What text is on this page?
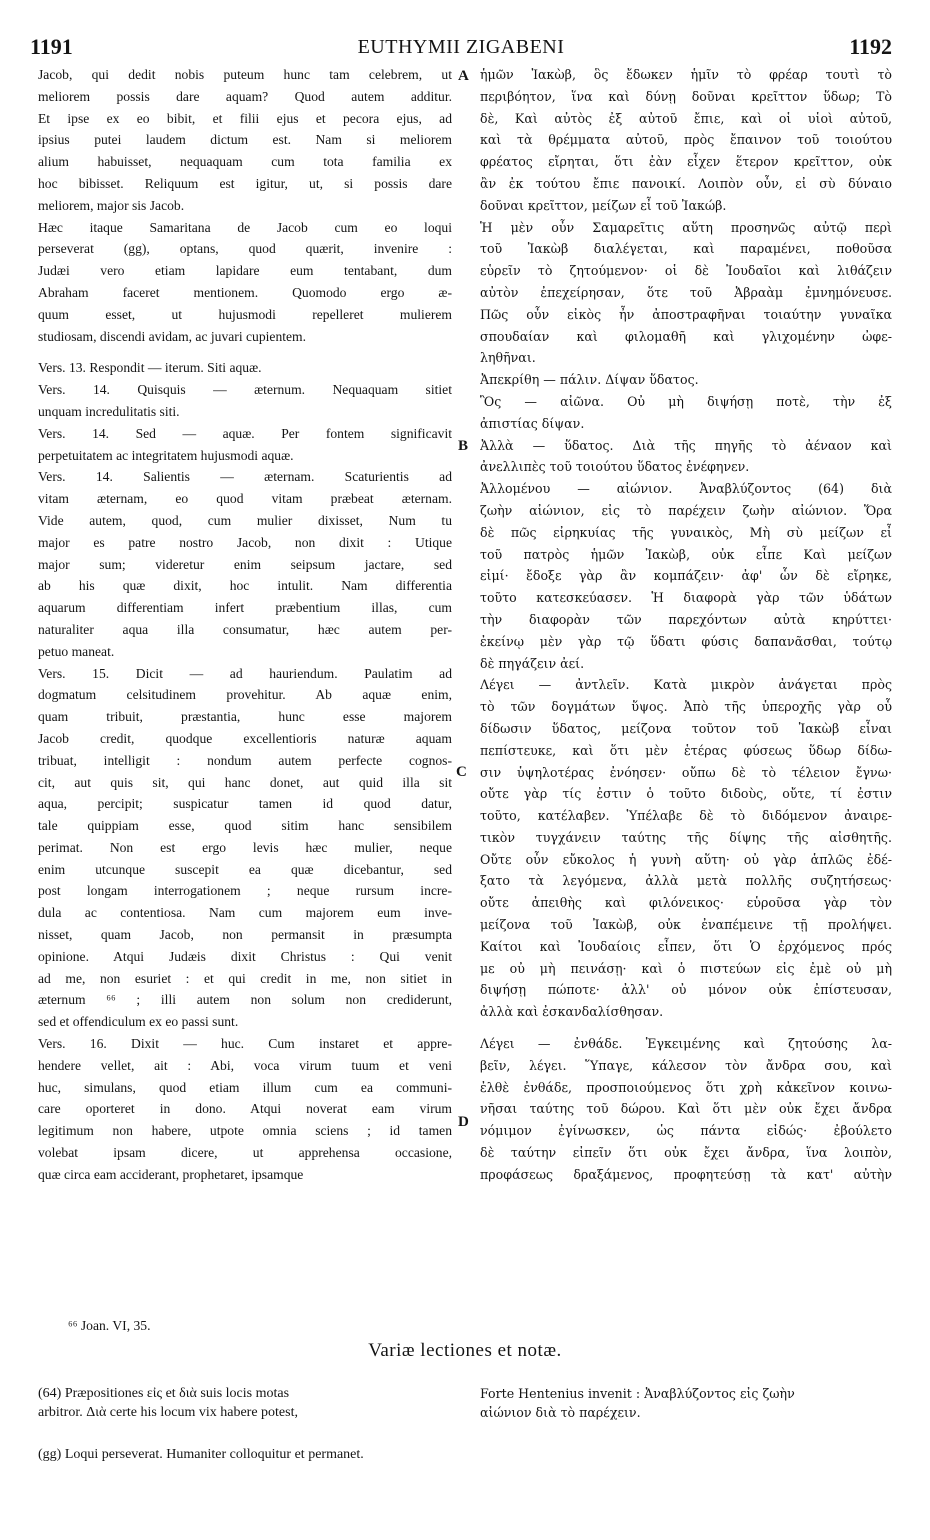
1191	EUTHYMII ZIGABENI	1192
Jacob, qui dedit nobis puteum hunc tam celebrem, ut
meliorem possis dare aquam? Quod autem additur.
Et ipse ex eo bibit, et filii ejus et pecora ejus, ad
ipsius putei laudem dictum est. Nam si meliorem
alium habuisset, nequaquam cum tota familia ex
hoc bibisset. Reliquum est igitur, ut, si possis dare
meliorem, major sis Jacob.
Hæc itaque Samaritana de Jacob cum eo loqui
perseverat (gg), optans, quod quærit, invenire :
Judæi vero etiam lapidare eum tentabant, dum
Abraham faceret mentionem. Quomodo ergo æ-
quum esset, ut hujusmodi repelleret mulierem
studiosam, discendi avidam, ac juvari cupientem.
Vers. 13. Respondit — iterum. Siti aquæ.
Vers. 14. Quisquis — æternum. Nequaquam sitiet
unquam incredulitatis siti.
Vers. 14. Sed — aquæ. Per fontem significavit
perpetuitatem ac integritatem hujusmodi aquæ.
Vers. 14. Salientis — æternam. Scaturientis ad
vitam æternam, eo quod vitam præbeat æternam.
Vide autem, quod, cum mulier dixisset, Num tu
major es patre nostro Jacob, non dixit : Utique
major sum; videretur enim seipsum jactare, sed
ab his quæ dixit, hoc intulit. Nam differentia
aquarum differentiam infert præbentium illas, cum
naturaliter aqua illa consumatur, hæc autem per-
petuo maneat.
Vers. 15. Dicit — ad hauriendum. Paulatim ad
dogmatum celsitudinem provehitur. Ab aquæ enim,
quam tribuit, præstantia, hunc esse majorem
Jacob credit, quodque excellentioris naturæ aquam
tribuat, intelligit : nondum autem perfecte cognos-
cit, aut quis sit, qui hanc donet, aut quid illa sit
aqua, percipit; suspicatur tamen id quod datur,
tale quippiam esse, quod sitim hanc sensibilem
perimat. Non est ergo levis hæc mulier, neque
enim utcunque suscepit ea quæ dicebantur, sed
post longam interrogationem ; neque rursum incre-
dula ac contentiosa. Nam cum majorem eum inve-
nisset, quam Jacob, non permansit in præsumpta
opinione. Atqui Judæis dixit Christus : Qui venit
ad me, non esuriet : et qui credit in me, non sitiet in
æternum ⁶⁶ ; illi autem non solum non crediderunt,
sed et offendiculum ex eo passi sunt.
Vers. 16. Dixit — huc. Cum instaret et appre-
hendere vellet, ait : Abi, voca virum tuum et veni
huc, simulans, quod etiam illum cum ea communi-
care oporteret in dono. Atqui noverat eam virum
legitimum non habere, utpote omnia sciens ; id tamen
volebat ipsam dicere, ut apprehensa occasione,
quæ circa eam acciderant, prophetaret, ipsamque
ἡμῶν Ἰακὼβ, ὃς ἔδωκεν ἡμῖν τὸ φρέαρ τουτὶ τὸ
περιβόητον, ἵνα καὶ δύνῃ δοῦναι κρεῖττον ὕδωρ; Τὸ
δὲ, Καὶ αὐτὸς ἐξ αὐτοῦ ἔπιε, καὶ οἱ υἱοὶ αὐτοῦ,
καὶ τὰ θρέμματα αὐτοῦ, πρὸς ἔπαινον τοῦ τοιούτου
φρέατος εἴρηται, ὅτι ἐὰν εἶχεν ἕτερον κρεῖττον, οὐκ
ἂν ἐκ τούτου ἔπιε πανοικί. Λοιπὸν οὖν, εἰ σὺ δύναιο
δοῦναι κρεῖττον, μείζων εἶ τοῦ Ἰακώβ.
Ἡ μὲν οὖν Σαμαρεῖτις αὕτη προσηνῶς αὐτῷ περὶ
τοῦ Ἰακὼβ διαλέγεται, καὶ παραμένει, ποθοῦσα
εὑρεῖν τὸ ζητούμενον· οἱ δὲ Ἰουδαῖοι καὶ λιθάζειν
αὐτὸν ἐπεχείρησαν, ὅτε τοῦ Ἀβραὰμ ἐμνημόνευσε.
Πῶς οὖν εἰκὸς ἦν ἀποστραφῆναι τοιαύτην γυναῖκα
σπουδαίαν καὶ φιλομαθῆ καὶ γλιχομένην ὠφε-
ληθῆναι.
Ἀπεκρίθη — πάλιν. Δίψαν ὕδατος.
Ὃς — αἰῶνα. Οὐ μὴ διψήσῃ ποτὲ, τὴν ἐξ
ἀπιστίας δίψαν.
Ἀλλὰ — ὕδατος. Διὰ τῆς πηγῆς τὸ ἀέναον καὶ
ἀνελλιπὲς τοῦ τοιούτου ὕδατος ἐνέφηνεν.
Ἀλλομένου — αἰώνιον. Ἀναβλύζοντος (64) διὰ
ζωὴν αἰώνιον, εἰς τὸ παρέχειν ζωὴν αἰώνιον. Ὅρα
δὲ πῶς εἰρηκυίας τῆς γυναικὸς, Μὴ σὺ μείζων εἶ
τοῦ πατρὸς ἡμῶν Ἰακὼβ, οὐκ εἶπε Καὶ μείζων
εἰμί· ἔδοξε γὰρ ἂν κομπάζειν· ἀφ' ὧν δὲ εἴρηκε,
τοῦτο κατεσκεύασεν. Ἡ διαφορὰ γὰρ τῶν ὑδάτων
τὴν διαφορὰν τῶν παρεχόντων αὐτὰ κηρύττει·
ἐκείνῳ μὲν γὰρ τῷ ὕδατι φύσις δαπανᾶσθαι, τούτῳ
δὲ πηγάζειν ἀεί.
Λέγει — ἀντλεῖν. Κατὰ μικρὸν ἀνάγεται πρὸς
τὸ τῶν δογμάτων ὕψος. Ἀπὸ τῆς ὑπεροχῆς γὰρ οὗ
δίδωσιν ὕδατος, μείζονα τοῦτον τοῦ Ἰακὼβ εἶναι
πεπίστευκε, καὶ ὅτι μὲν ἑτέρας φύσεως ὕδωρ δίδω-
σιν ὑψηλοτέρας ἐνόησεν· οὔπω δὲ τὸ τέλειον ἔγνω·
οὔτε γὰρ τίς ἐστιν ὁ τοῦτο διδοὺς, οὔτε, τί ἐστιν
τοῦτο, κατέλαβεν. Ὑπέλαβε δὲ τὸ διδόμενον ἀναιρε-
τικὸν τυγχάνειν ταύτης τῆς δίψης τῆς αἰσθητῆς.
Οὔτε οὖν εὔκολος ἡ γυνὴ αὕτη· οὐ γὰρ ἁπλῶς ἐδέ-
ξατο τὰ λεγόμενα, ἀλλὰ μετὰ πολλῆς συζητήσεως·
οὔτε ἀπειθὴς καὶ φιλόνεικος· εὑροῦσα γὰρ τὸν
μείζονα τοῦ Ἰακὼβ, οὐκ ἐναπέμεινε τῇ προλήψει.
Καίτοι καὶ Ἰουδαίοις εἶπεν, ὅτι Ὁ ἐρχόμενος πρός
με οὐ μὴ πεινάσῃ· καὶ ὁ πιστεύων εἰς ἐμὲ οὐ μὴ
διψήσῃ πώποτε· ἀλλ' οὐ μόνον οὐκ ἐπίστευσαν,
ἀλλὰ καὶ ἐσκανδαλίσθησαν.
Λέγει — ἐνθάδε. Ἐγκειμένης καὶ ζητούσης λα-
βεῖν, λέγει. Ὕπαγε, κάλεσον τὸν ἄνδρα σου, καὶ
ἐλθὲ ἐνθάδε, προσποιούμενος ὅτι χρὴ κἀκεῖνον κοινω-
νῆσαι ταύτης τοῦ δώρου. Καὶ ὅτι μὲν οὐκ ἔχει ἄνδρα
νόμιμον ἐγίνωσκεν, ὡς πάντα εἰδώς· ἐβούλετο
δὲ ταύτην εἰπεῖν ὅτι οὐκ ἔχει ἄνδρα, ἵνα λοιπὸν,
προφάσεως δραξάμενος, προφητεύσῃ τὰ κατ' αὐτὴν
A
B
C
D
⁶⁶ Joan. VI, 35.
Variæ lectiones et notæ.
(64) Præpositiones εἰς et διὰ suis locis motas
arbitror. Διὰ certe his locum vix habere potest,
Forte Hentenius invenit : Ἀναβλύζοντος εἰς ζωὴν
αἰώνιον διὰ τὸ παρέχειν.
(gg) Loqui perseverat. Humaniter colloquitur et permanet.
